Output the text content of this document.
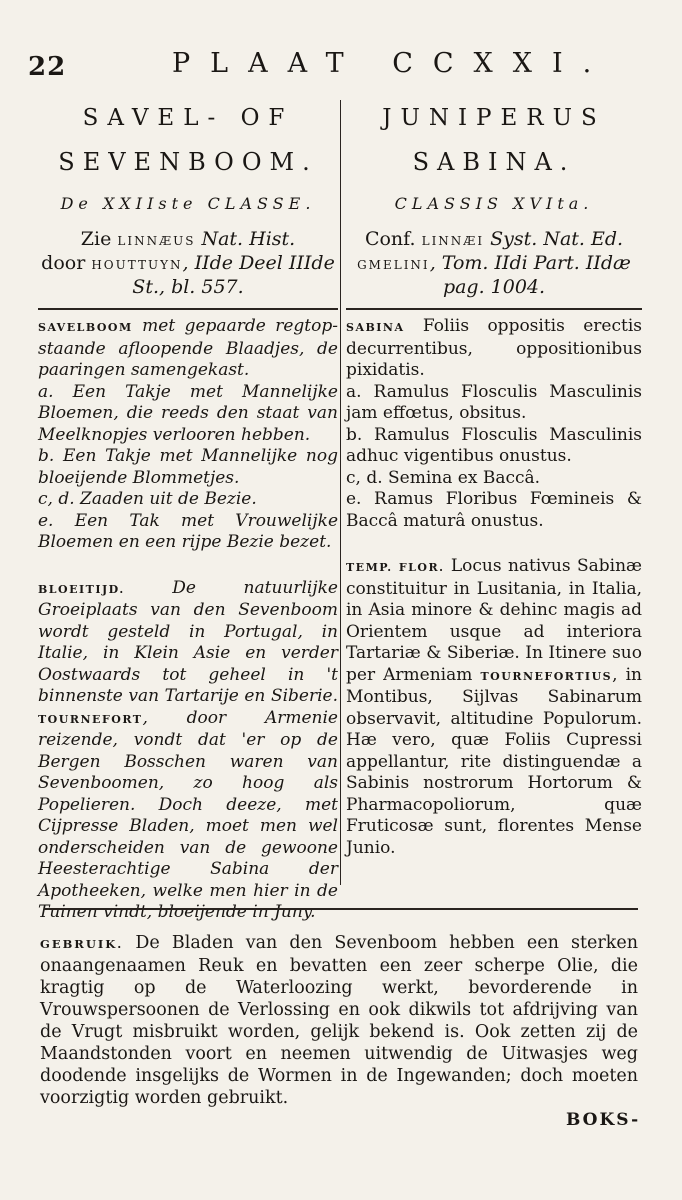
22	PLAAT CCXXI.
SAVEL- OF
SEVENBOOM.
De XXIIste CLASSE.
Zie LINNÆUS Nat. Hist.
door HOUTTUYN, IIde Deel IIIde St., bl. 557.
SAVELBOOM met gepaarde regtop-staande afloopende Blaadjes, de paaringen samengekast.
a. Een Takje met Mannelijke Bloemen, die reeds den staat van Meelknopjes verlooren hebben.
b. Een Takje met Mannelijke nog bloeijende Blommetjes.
c, d. Zaaden uit de Bezie.
e. Een Tak met Vrouwelijke Bloemen en een rijpe Bezie bezet.
BLOEITIJD. De natuurlijke Groeiplaats van den Sevenboom wordt gesteld in Portugal, in Italie, in Klein Asie en verder Oostwaards tot geheel in 't binnenste van Tartarije en Siberie. TOURNEFORT, door Armenie reizende, vondt dat 'er op de Bergen Bosschen waren van Sevenboomen, zo hoog als Popelieren. Doch deeze, met Cijpresse Bladen, moet men wel onderscheiden van de gewoone Heesterachtige Sabina der Apotheeken, welke men hier in de Tuinen vindt, bloeijende in Juny.
JUNIPERUS
SABINA.
CLASSIS XVIta.
Conf. LINNÆI Syst. Nat. Ed. GMELINI, Tom. IIdi Part. IIdæ pag. 1004.
SABINA Foliis oppositis erectis decurrentibus, oppositionibus pixidatis.
a. Ramulus Flosculis Masculinis jam effœtus, obsitus.
b. Ramulus Flosculis Masculinis adhuc vigentibus onustus.
c, d. Semina ex Baccâ.
e. Ramus Floribus Fœmineis & Baccâ maturâ onustus.
TEMP. FLOR. Locus nativus Sabinæ constituitur in Lusitania, in Italia, in Asia minore & dehinc magis ad Orientem usque ad interiora Tartariæ & Siberiæ. In Itinere suo per Armeniam TOURNEFORTIUS, in Montibus, Sijlvas Sabinarum observavit, altitudine Populorum. Hæ vero, quæ Foliis Cupressi appellantur, rite distinguendæ a Sabinis nostrorum Hortorum & Pharmacopoliorum, quæ Fruticosæ sunt, florentes Mense Junio.
GEBRUIK. De Bladen van den Sevenboom hebben een sterken onaangenaamen Reuk en bevatten een zeer scherpe Olie, die kragtig op de Waterloozing werkt, bevorderende in Vrouwspersoonen de Verlossing en ook dikwils tot afdrijving van de Vrugt misbruikt worden, gelijk bekend is. Ook zetten zij de Maandstonden voort en neemen uitwendig de Uitwasjes weg doodende insgelijks de Wormen in de Ingewanden; doch moeten voorzigtig worden gebruikt.
BOKS-
